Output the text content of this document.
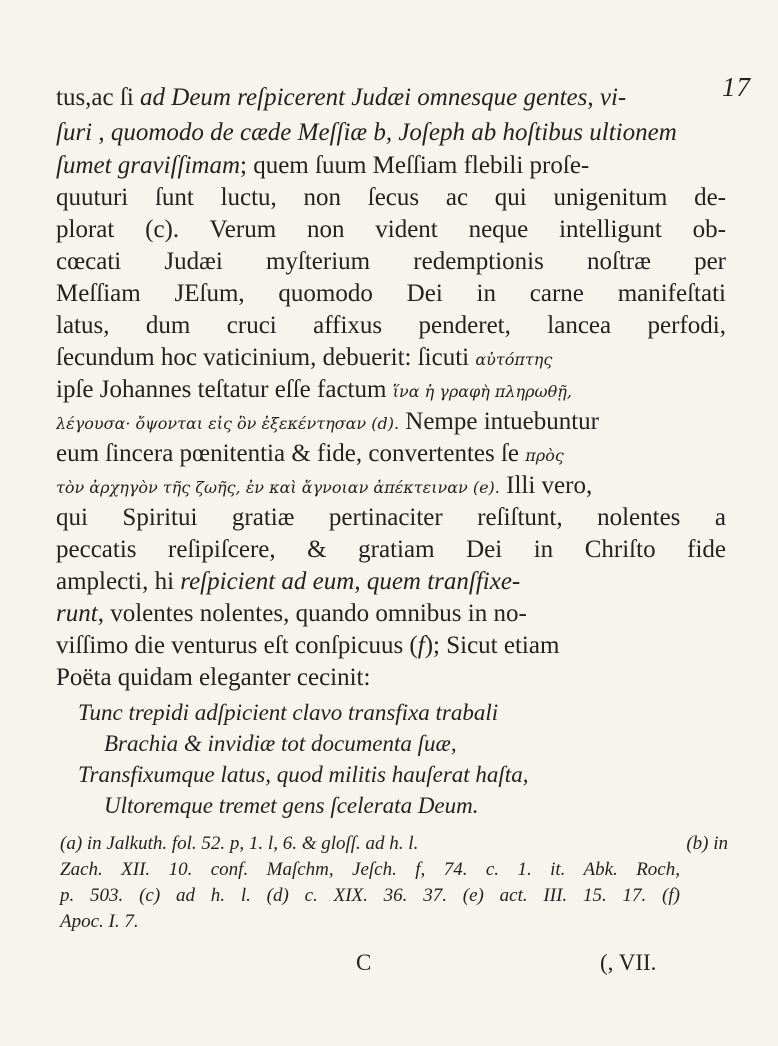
17
tus,ac ſi ad Deum reſpicerent Judæi omnesque gentes, vi-
ſuri , quomodo de cæde Meſſiæ b, Joſeph ab hoſtibus ultionem
ſumet graviſſimam; quem ſuum Meſſiam flebili proſe-
quuturi ſunt luctu, non ſecus ac qui unigenitum de-
plorat (c). Verum non vident neque intelligunt ob-
cœcati Judæi myſterium redemptionis noſtræ per
Meſſiam JEſum, quomodo Dei in carne manifeſtati
latus, dum cruci affixus penderet, lancea perfodi,
ſecundum hoc vaticinium, debuerit: ſicuti αὐτόπτης
ipſe Johannes teſtatur eſſe factum ἵνα ἡ γραφὴ πληρωθῇ,
λέγουσα· ὄψονται εἰς ὃν ἐξεκέντησαν (d). Nempe intuebuntur
eum ſincera pœnitentia & fide, convertentes ſe πρὸς
τὸν ἀρχηγὸν τῆς ζωῆς, ἐν καὶ ἄγνοιαν ἀπέκτειναν (e). Illi vero,
qui Spiritui gratiæ pertinaciter reſiſtunt, nolentes a
peccatis reſipiſcere, & gratiam Dei in Chriſto fide
amplecti, hi reſpicient ad eum, quem tranſfixe-
runt, volentes nolentes, quando omnibus in no-
viſſimo die venturus eſt conſpicuus (f); Sicut etiam
Poëta quidam eleganter cecinit:
Tunc trepidi adſpicient clavo transfixa trabali
Brachia & invidiæ tot documenta ſuæ,
Transfixumque latus, quod militis hauſerat haſta,
Ultoremque tremet gens ſcelerata Deum.
(a) in Jalkuth. fol. 52. p, 1. l, 6. & gloſſ. ad h. l.	(b) in
Zach. XII. 10. conf. Maſchm, Jeſch. f, 74. c. 1. it. Abk. Roch,
p. 503. (c) ad h. l. (d) c. XIX. 36. 37. (e) act. III. 15. 17. (f)
Apoc. I. 7.
C	(, VII.
